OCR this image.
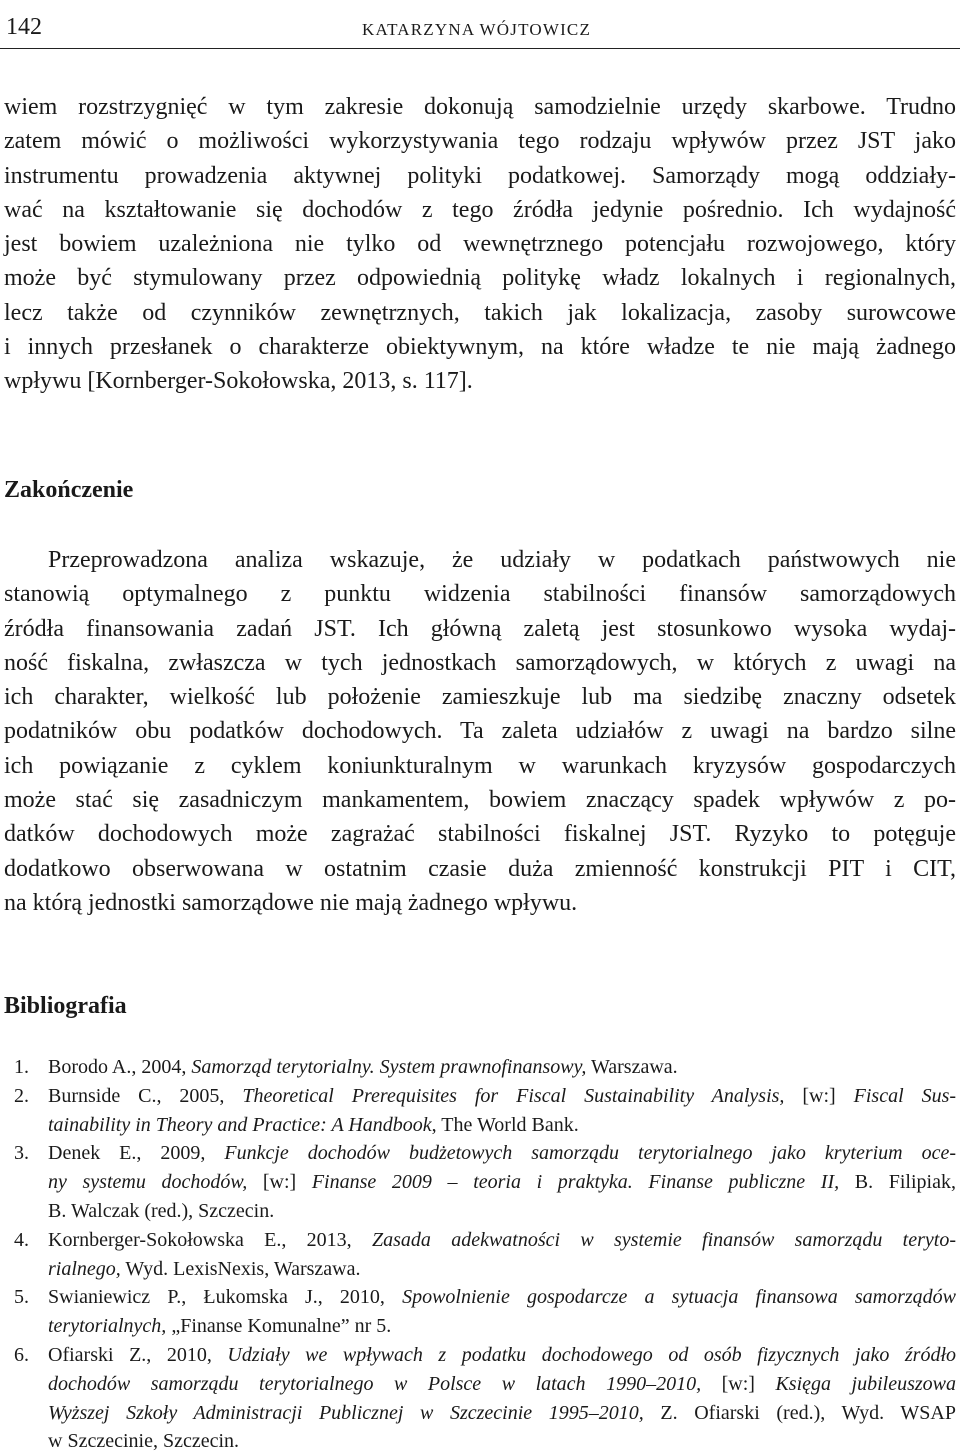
142	KATARZYNA WÓJTOWICZ
wiem rozstrzygnięć w tym zakresie dokonują samodzielnie urzędy skarbowe. Trudno
zatem mówić o możliwości wykorzystywania tego rodzaju wpływów przez JST jako
instrumentu prowadzenia aktywnej polityki podatkowej. Samorządy mogą oddziały-
wać na kształtowanie się dochodów z tego źródła jedynie pośrednio. Ich wydajność
jest bowiem uzależniona nie tylko od wewnętrznego potencjału rozwojowego, który
może być stymulowany przez odpowiednią politykę władz lokalnych i regionalnych,
lecz także od czynników zewnętrznych, takich jak lokalizacja, zasoby surowcowe
i innych przesłanek o charakterze obiektywnym, na które władze te nie mają żadnego
wpływu [Kornberger-Sokołowska, 2013, s. 117].
Zakończenie
Przeprowadzona analiza wskazuje, że udziały w podatkach państwowych nie
stanowią optymalnego z punktu widzenia stabilności finansów samorządowych
źródła finansowania zadań JST. Ich główną zaletą jest stosunkowo wysoka wydaj-
ność fiskalna, zwłaszcza w tych jednostkach samorządowych, w których z uwagi na
ich charakter, wielkość lub położenie zamieszkuje lub ma siedzibę znaczny odsetek
podatników obu podatków dochodowych. Ta zaleta udziałów z uwagi na bardzo silne
ich powiązanie z cyklem koniunkturalnym w warunkach kryzysów gospodarczych
może stać się zasadniczym mankamentem, bowiem znaczący spadek wpływów z po-
datków dochodowych może zagrażać stabilności fiskalnej JST. Ryzyko to potęguje
dodatkowo obserwowana w ostatnim czasie duża zmienność konstrukcji PIT i CIT,
na którą jednostki samorządowe nie mają żadnego wpływu.
Bibliografia
1. Borodo A., 2004, Samorząd terytorialny. System prawnofinansowy, Warszawa.
2. Burnside C., 2005, Theoretical Prerequisites for Fiscal Sustainability Analysis, [w:] Fiscal Sus-
tainability in Theory and Practice: A Handbook, The World Bank.
3. Denek E., 2009, Funkcje dochodów budżetowych samorządu terytorialnego jako kryterium oce-
ny systemu dochodów, [w:] Finanse 2009 – teoria i praktyka. Finanse publiczne II, B. Filipiak,
B. Walczak (red.), Szczecin.
4. Kornberger-Sokołowska E., 2013, Zasada adekwatności w systemie finansów samorządu teryto-
rialnego, Wyd. LexisNexis, Warszawa.
5. Swianiewicz P., Łukomska J., 2010, Spowolnienie gospodarcze a sytuacja finansowa samorządów
terytorialnych, „Finanse Komunalne” nr 5.
6. Ofiarski Z., 2010, Udziały we wpływach z podatku dochodowego od osób fizycznych jako źródło
dochodów samorządu terytorialnego w Polsce w latach 1990–2010, [w:] Księga jubileuszowa
Wyższej Szkoły Administracji Publicznej w Szczecinie 1995–2010, Z. Ofiarski (red.), Wyd. WSAP
w Szczecinie, Szczecin.
